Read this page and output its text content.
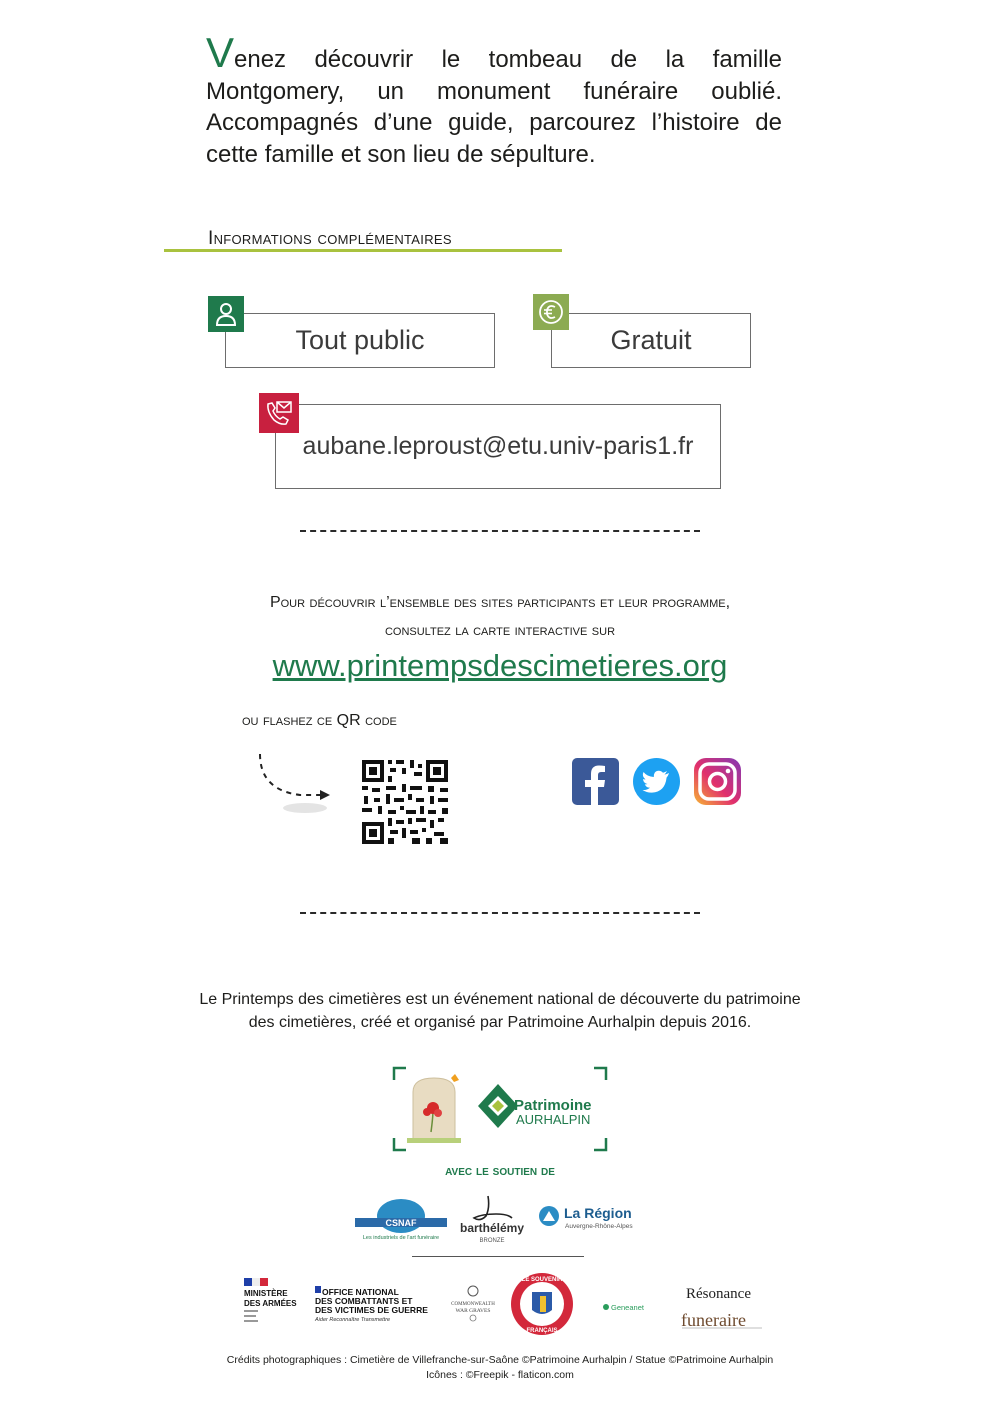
Venez découvrir le tombeau de la famille Montgomery, un monument funéraire oublié. Accompagnés d’une guide, parcourez l’histoire de cette famille et son lieu de sépulture.
Informations complémentaires
Tout public	Gratuit
aubane.leproust@etu.univ-paris1.fr
Pour découvrir l’ensemble des sites participants et leur programme,
consultez la carte interactive sur
www.printempsdescimetieres.org
ou flashez ce QR code
Le Printemps des cimetières est un événement national de découverte du patrimoine des cimetières, créé et organisé par Patrimoine Aurhalpin depuis 2016.
Patrimoine
AURHALPIN
avec le soutien de
CSNAF
Les industriels de l'art funéraire
barthélémy
BRONZE
La Région
Auvergne-Rhône-Alpes
MINISTÈRE
DES ARMÉES
OFFICE NATIONAL
DES COMBATTANTS ET
DES VICTIMES DE GUERRE
Aider Reconnaître Transmettre
COMMONWEALTH
WAR GRAVES
LE SOUVENIR
FRANÇAIS
Geneanet
Résonance
funeraire
Crédits photographiques : Cimetière de Villefranche-sur-Saône ©Patrimoine Aurhalpin / Statue ©Patrimoine Aurhalpin
Icônes : ©Freepik - flaticon.com
